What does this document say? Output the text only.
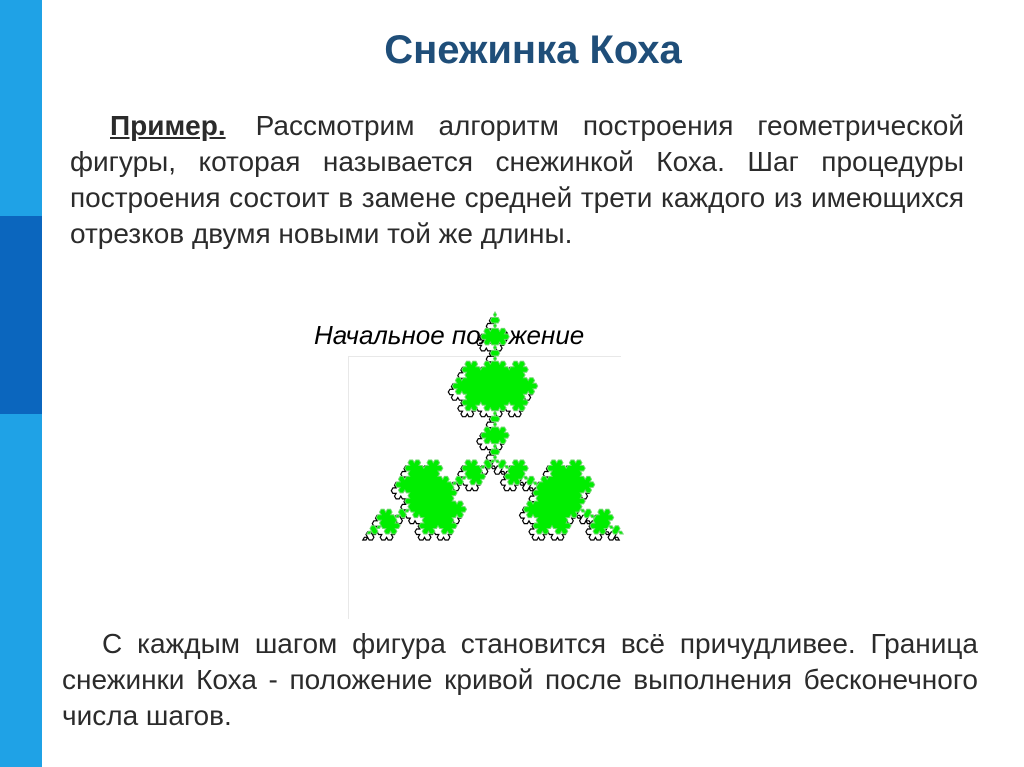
Снежинка Коха
Пример. Рассмотрим алгоритм построения геометрической фигуры, которая называется снежинкой Коха. Шаг процедуры построения состоит в замене средней трети каждого из имеющихся отрезков двумя новыми той же длины.
Начальное положение
С каждым шагом фигура становится всё причудливее. Граница снежинки Коха - положение кривой после выполнения бесконечного числа шагов.
